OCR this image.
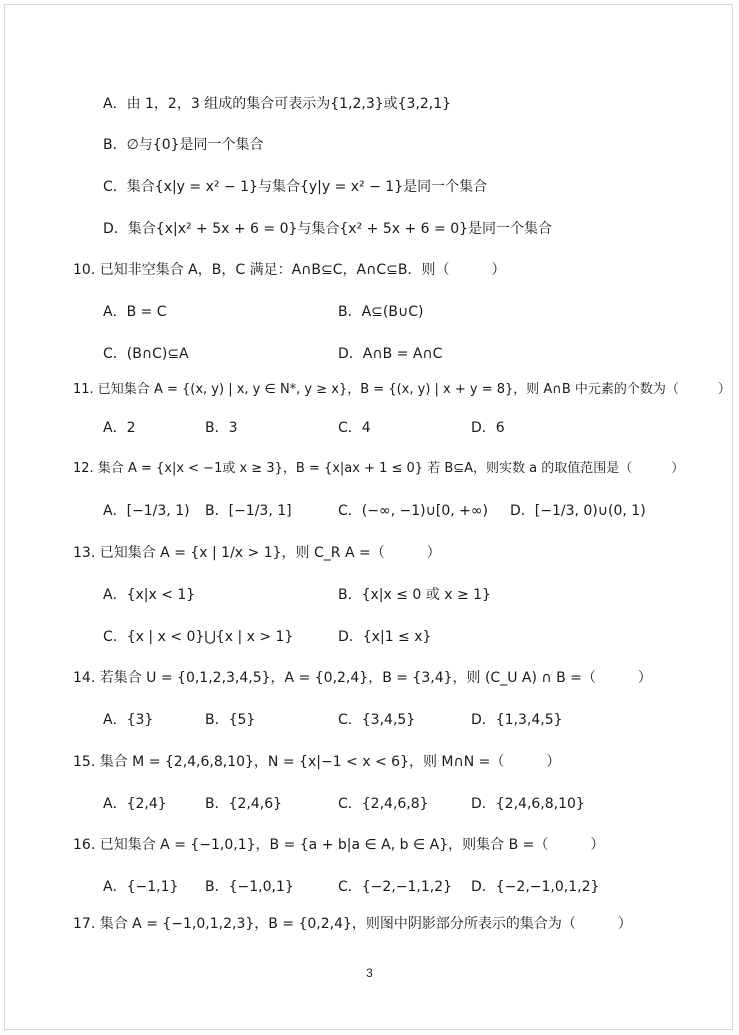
A．由 1，2，3 组成的集合可表示为{1,2,3}或{3,2,1}
B．∅与{0}是同一个集合
C．集合{x|y = x² − 1}与集合{y|y = x² − 1}是同一个集合
D．集合{x|x² + 5x + 6 = 0}与集合{x² + 5x + 6 = 0}是同一个集合
10. 已知非空集合 A，B，C 满足：A∩B⊆C，A∩C⊆B．则（　　　）
A．B = C	B．A⊆(B∪C)
C．(B∩C)⊆A	D．A∩B = A∩C
11. 已知集合 A = {(x, y) | x, y ∈ N*, y ≥ x}，B = {(x, y) | x + y = 8}，则 A∩B 中元素的个数为（　　　）
A．2	B．3	C．4	D．6
12. 集合 A = {x|x < −1或 x ≥ 3}，B = {x|ax + 1 ≤ 0} 若 B⊆A，则实数 a 的取值范围是（　　　）
A．[−1/3, 1) B．[−1/3, 1]	C．(−∞, −1)∪[0, +∞) D．[−1/3, 0)∪(0, 1)
13. 已知集合 A = {x | 1/x > 1}，则 C_R A =（　　　）
A．{x|x < 1}	B．{x|x ≤ 0 或 x ≥ 1}
C．{x | x < 0}⋃{x | x > 1}	D．{x|1 ≤ x}
14. 若集合 U = {0,1,2,3,4,5}，A = {0,2,4}，B = {3,4}，则 (C_U A) ∩ B =（　　　）
A．{3}	B．{5}	C．{3,4,5}	D．{1,3,4,5}
15. 集合 M = {2,4,6,8,10}，N = {x|−1 < x < 6}，则 M∩N =（　　　）
A．{2,4}	B．{2,4,6}	C．{2,4,6,8}	D．{2,4,6,8,10}
16. 已知集合 A = {−1,0,1}，B = {a + b|a ∈ A, b ∈ A}，则集合 B =（　　　）
A．{−1,1} B．{−1,0,1}	C．{−2,−1,1,2} D．{−2,−1,0,1,2}
17. 集合 A = {−1,0,1,2,3}，B = {0,2,4}，则图中阴影部分所表示的集合为（　　　）
3
